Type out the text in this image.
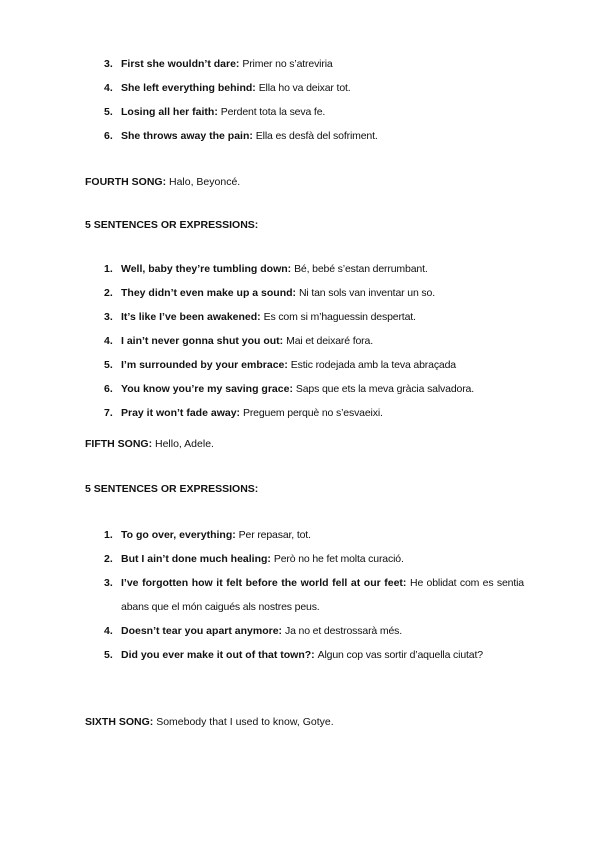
3. First she wouldn’t dare: Primer no s’atreviria
4. She left everything behind: Ella ho va deixar tot.
5. Losing all her faith: Perdent tota la seva fe.
6. She throws away the pain: Ella es desfà del sofriment.
FOURTH SONG: Halo, Beyoncé.
5 SENTENCES OR EXPRESSIONS:
1. Well, baby they’re tumbling down: Bé, bebé s’estan derrumbant.
2. They didn’t even make up a sound: Ni tan sols van inventar un so.
3. It’s like I’ve been awakened: Es com si m’haguessin despertat.
4. I ain’t never gonna shut you out: Mai et deixaré fora.
5. I’m surrounded by your embrace: Estic rodejada amb la teva abraçada
6. You know you’re my saving grace: Saps que ets la meva gràcia salvadora.
7. Pray it won’t fade away: Preguem perquè no s’esvaeixi.
FIFTH SONG: Hello, Adele.
5 SENTENCES OR EXPRESSIONS:
1. To go over, everything: Per repasar, tot.
2. But I ain’t done much healing: Però no he fet molta curació.
3. I’ve forgotten how it felt before the world fell at our feet: He oblidat com es sentia abans que el món caigués als nostres peus.
4. Doesn’t tear you apart anymore: Ja no et destrossarà més.
5. Did you ever make it out of that town?: Algun cop vas sortir d’aquella ciutat?
SIXTH SONG: Somebody that I used to know, Gotye.
